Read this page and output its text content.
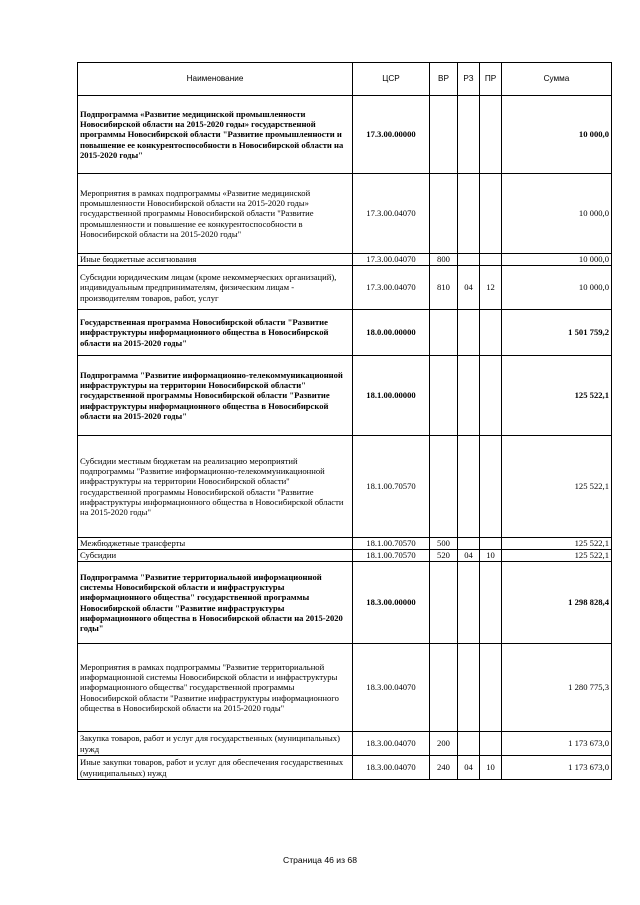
Наименование	ЦСР	ВР	РЗ	ПР	Сумма
Подпрограмма «Развитие медицинской промышленности Новосибирской области на 2015-2020 годы» государственной программы Новосибирской области "Развитие промышленности и повышение ее конкурентоспособности в Новосибирской области на 2015-2020 годы"	17.3.00.00000				10 000,0
Мероприятия в рамках подпрограммы «Развитие медицинской промышленности Новосибирской области на 2015-2020 годы» государственной программы Новосибирской области "Развитие промышленности и повышение ее конкурентоспособности в Новосибирской области на 2015-2020 годы"	17.3.00.04070				10 000,0
Иные бюджетные ассигнования	17.3.00.04070	800			10 000,0
Субсидии юридическим лицам (кроме некоммерческих организаций), индивидуальным предпринимателям, физическим лицам - производителям товаров, работ, услуг	17.3.00.04070	810	04	12	10 000,0
Государственная программа Новосибирской области "Развитие инфраструктуры информационного общества в Новосибирской области на 2015-2020 годы"	18.0.00.00000				1 501 759,2
Подпрограмма "Развитие информационно-телекоммуникационной инфраструктуры на территории Новосибирской области" государственной программы Новосибирской области "Развитие инфраструктуры информационного общества в Новосибирской области на 2015-2020 годы"	18.1.00.00000				125 522,1
Субсидии местным бюджетам на реализацию мероприятий подпрограммы "Развитие информационно-телекоммуникационной инфраструктуры на территории Новосибирской области" государственной программы Новосибирской области "Развитие инфраструктуры информационного общества в Новосибирской области на 2015-2020 годы"	18.1.00.70570				125 522,1
Межбюджетные трансферты	18.1.00.70570	500			125 522,1
Субсидии	18.1.00.70570	520	04	10	125 522,1
Подпрограмма "Развитие территориальной информационной системы Новосибирской области и инфраструктуры информационного общества" государственной программы Новосибирской области "Развитие инфраструктуры информационного общества в Новосибирской области на 2015-2020 годы"	18.3.00.00000				1 298 828,4
Мероприятия в рамках подпрограммы "Развитие территориальной информационной системы Новосибирской области и инфраструктуры информационного общества" государственной программы Новосибирской области "Развитие инфраструктуры информационного общества в Новосибирской области на 2015-2020 годы"	18.3.00.04070				1 280 775,3
Закупка товаров, работ и услуг для государственных (муниципальных) нужд	18.3.00.04070	200			1 173 673,0
Иные закупки товаров, работ и услуг для обеспечения государственных (муниципальных) нужд	18.3.00.04070	240	04	10	1 173 673,0
Страница 46 из 68
